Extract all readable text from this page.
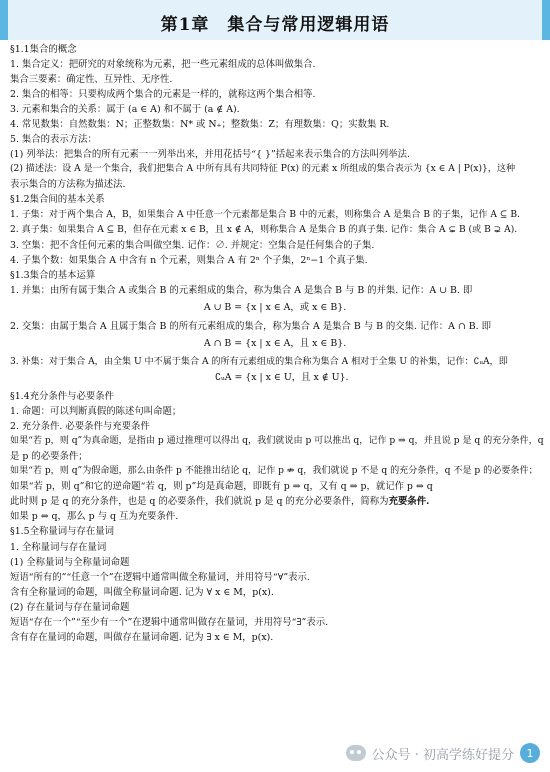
第1章　集合与常用逻辑用语
§1.1集合的概念
1. 集合定义：把研究的对象统称为元素，把一些元素组成的总体叫做集合.
集合三要素：确定性、互异性、无序性.
2. 集合的相等：只要构成两个集合的元素是一样的，就称这两个集合相等.
3. 元素和集合的关系：属于 (a ∈ A) 和不属于 (a ∉ A).
4. 常见数集：自然数集：N；正整数集：N* 或 N₊；整数集：Z；有理数集：Q；实数集 R.
5. 集合的表示方法：
(1) 列举法：把集合的所有元素一一列举出来，并用花括号“{ }”括起来表示集合的方法叫列举法.
(2) 描述法：设 A 是一个集合，我们把集合 A 中所有具有共同特征 P(x) 的元素 x 所组成的集合表示为 {x ∈ A | P(x)}，这种
表示集合的方法称为描述法.
§1.2集合间的基本关系
1. 子集：对于两个集合 A，B，如果集合 A 中任意一个元素都是集合 B 中的元素，则称集合 A 是集合 B 的子集，记作 A ⊆ B.
2. 真子集：如果集合 A ⊆ B，但存在元素 x ∈ B，且 x ∉ A，则称集合 A 是集合 B 的真子集. 记作：集合 A ⊊ B (或 B ⊋ A).
3. 空集：把不含任何元素的集合叫做空集. 记作：∅. 并规定：空集合是任何集合的子集.
4. 子集个数：如果集合 A 中含有 n 个元素，则集合 A 有 2ⁿ 个子集，2ⁿ−1 个真子集.
§1.3集合的基本运算
1. 并集：由所有属于集合 A 或集合 B 的元素组成的集合，称为集合 A 是集合 B 与 B 的并集. 记作：A ∪ B. 即
A ∪ B = {x | x ∈ A，或 x ∈ B}.
2. 交集：由属于集合 A 且属于集合 B 的所有元素组成的集合，称为集合 A 是集合 B 与 B 的交集. 记作：A ∩ B. 即
A ∩ B = {x | x ∈ A，且 x ∈ B}.
3. 补集：对于集合 A，由全集 U 中不属于集合 A 的所有元素组成的集合称为集合 A 相对于全集 U 的补集，记作：∁ᵤA，即
∁ᵤA = {x | x ∈ U，且 x ∉ U}.
§1.4充分条件与必要条件
1. 命题：可以判断真假的陈述句叫命题；
2. 充分条件. 必要条件与充要条件
如果“若 p，则 q”为真命题，是指由 p 通过推理可以得出 q，我们就说由 p 可以推出 q，记作 p ⇒ q，并且说 p 是 q 的充分条件，q
是 p 的必要条件；
如果“若 p，则 q”为假命题，那么由条件 p 不能推出结论 q，记作 p ⇏ q，我们就说 p 不是 q 的充分条件，q 不是 p 的必要条件；
如果“若 p，则 q”和它的逆命题“若 q，则 p”均是真命题，即既有 p ⇒ q，又有 q ⇒ p，就记作 p ⇔ q
此时则 p 是 q 的充分条件，也是 q 的必要条件，我们就说 p 是 q 的充分必要条件，简称为充要条件.
如果 p ⇔ q，那么 p 与 q 互为充要条件.
§1.5全称量词与存在量词
1. 全称量词与存在量词
(1) 全称量词与全称量词命题
短语“所有的”“任意一个”在逻辑中通常叫做全称量词，并用符号“∀”表示.
含有全称量词的命题，叫做全称量词命题. 记为 ∀ x ∈ M，p(x).
(2) 存在量词与存在量词命题
短语“存在一个”“至少有一个”在逻辑中通常叫做存在量词，并用符号“∃”表示.
含有存在量词的命题，叫做存在量词命题. 记为 ∃ x ∈ M，p(x).
公众号 · 初高学练好提分	1
